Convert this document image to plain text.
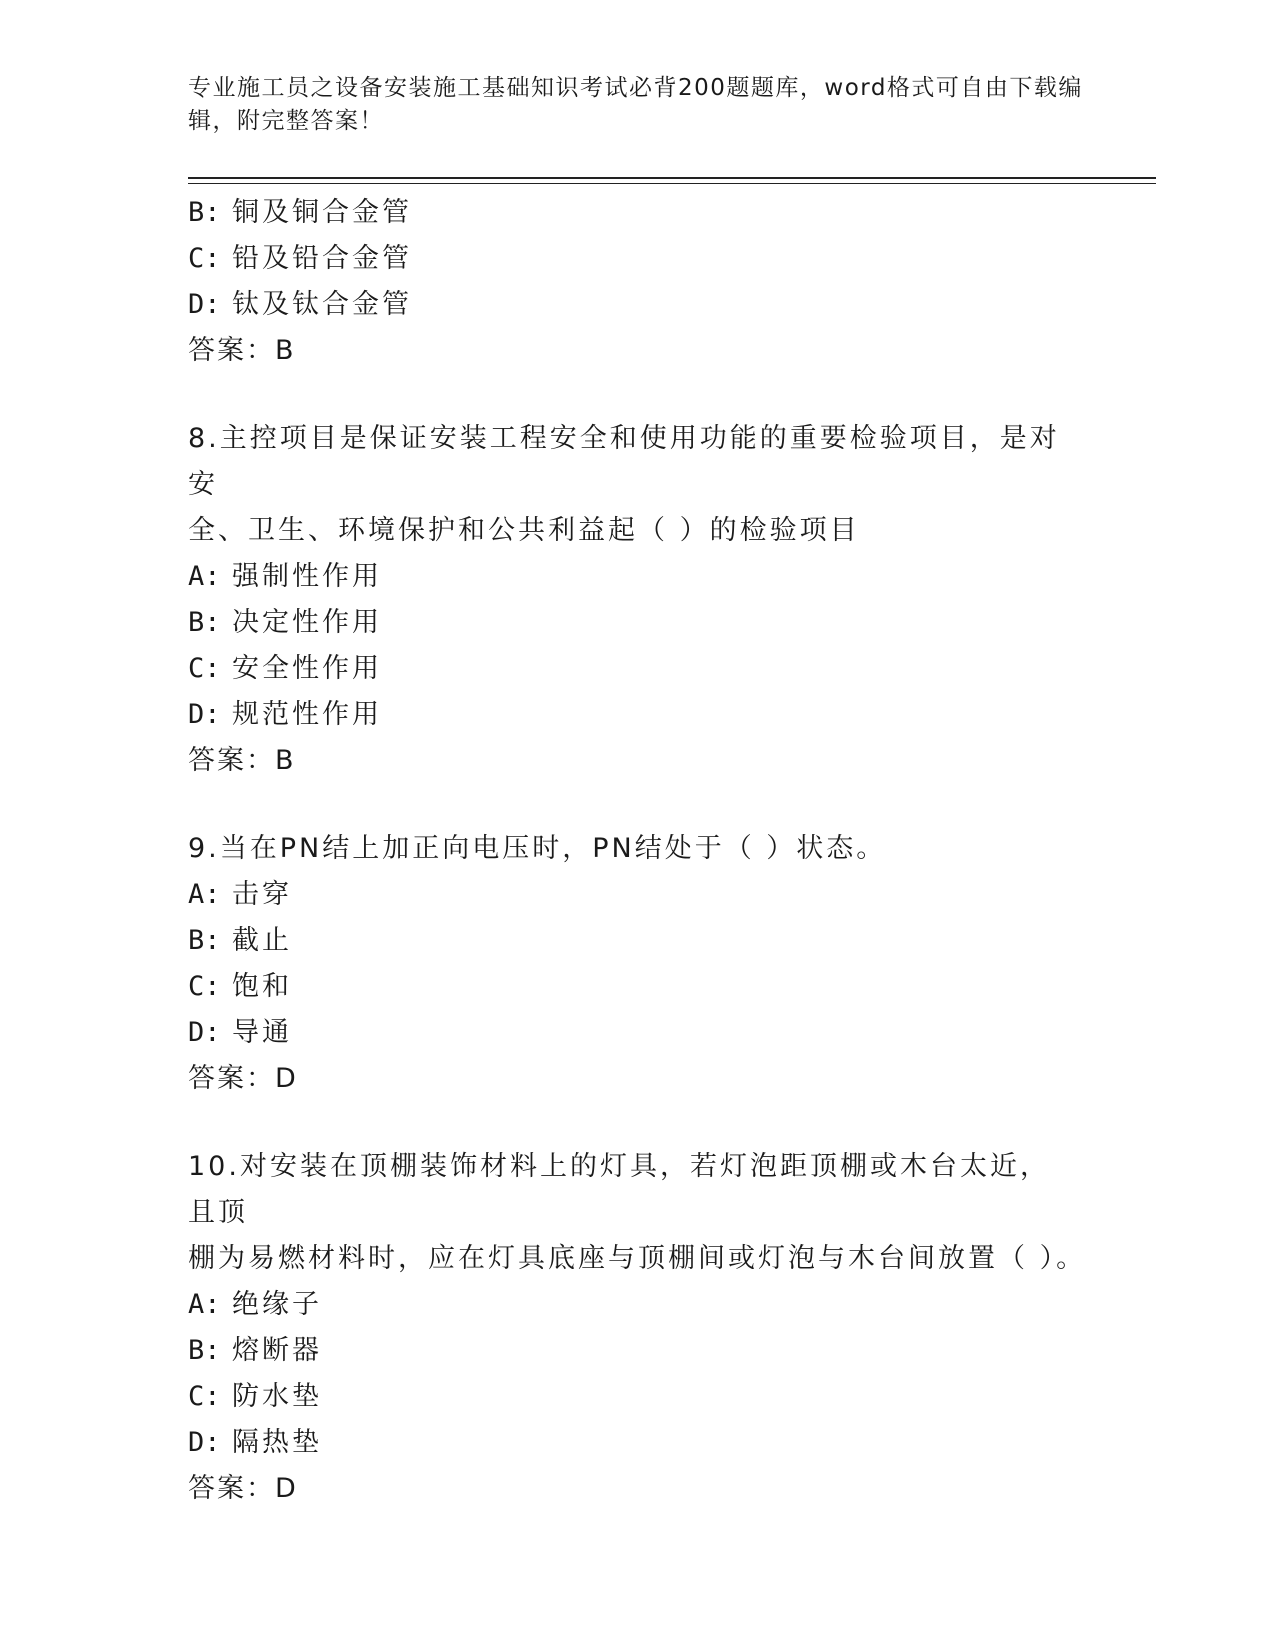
专业施工员之设备安装施工基础知识考试必背200题题库，word格式可自由下载编辑，附完整答案！
B: 铜及铜合金管
C: 铅及铅合金管
D: 钛及钛合金管
答案：B
8.主控项目是保证安装工程安全和使用功能的重要检验项目，是对安
全、卫生、环境保护和公共利益起（ ）的检验项目
A: 强制性作用
B: 决定性作用
C: 安全性作用
D: 规范性作用
答案：B
9.当在PN结上加正向电压时，PN结处于（ ）状态。
A: 击穿
B: 截止
C: 饱和
D: 导通
答案：D
10.对安装在顶棚装饰材料上的灯具，若灯泡距顶棚或木台太近，且顶
棚为易燃材料时，应在灯具底座与顶棚间或灯泡与木台间放置（ ）。
A: 绝缘子
B: 熔断器
C: 防水垫
D: 隔热垫
答案：D
